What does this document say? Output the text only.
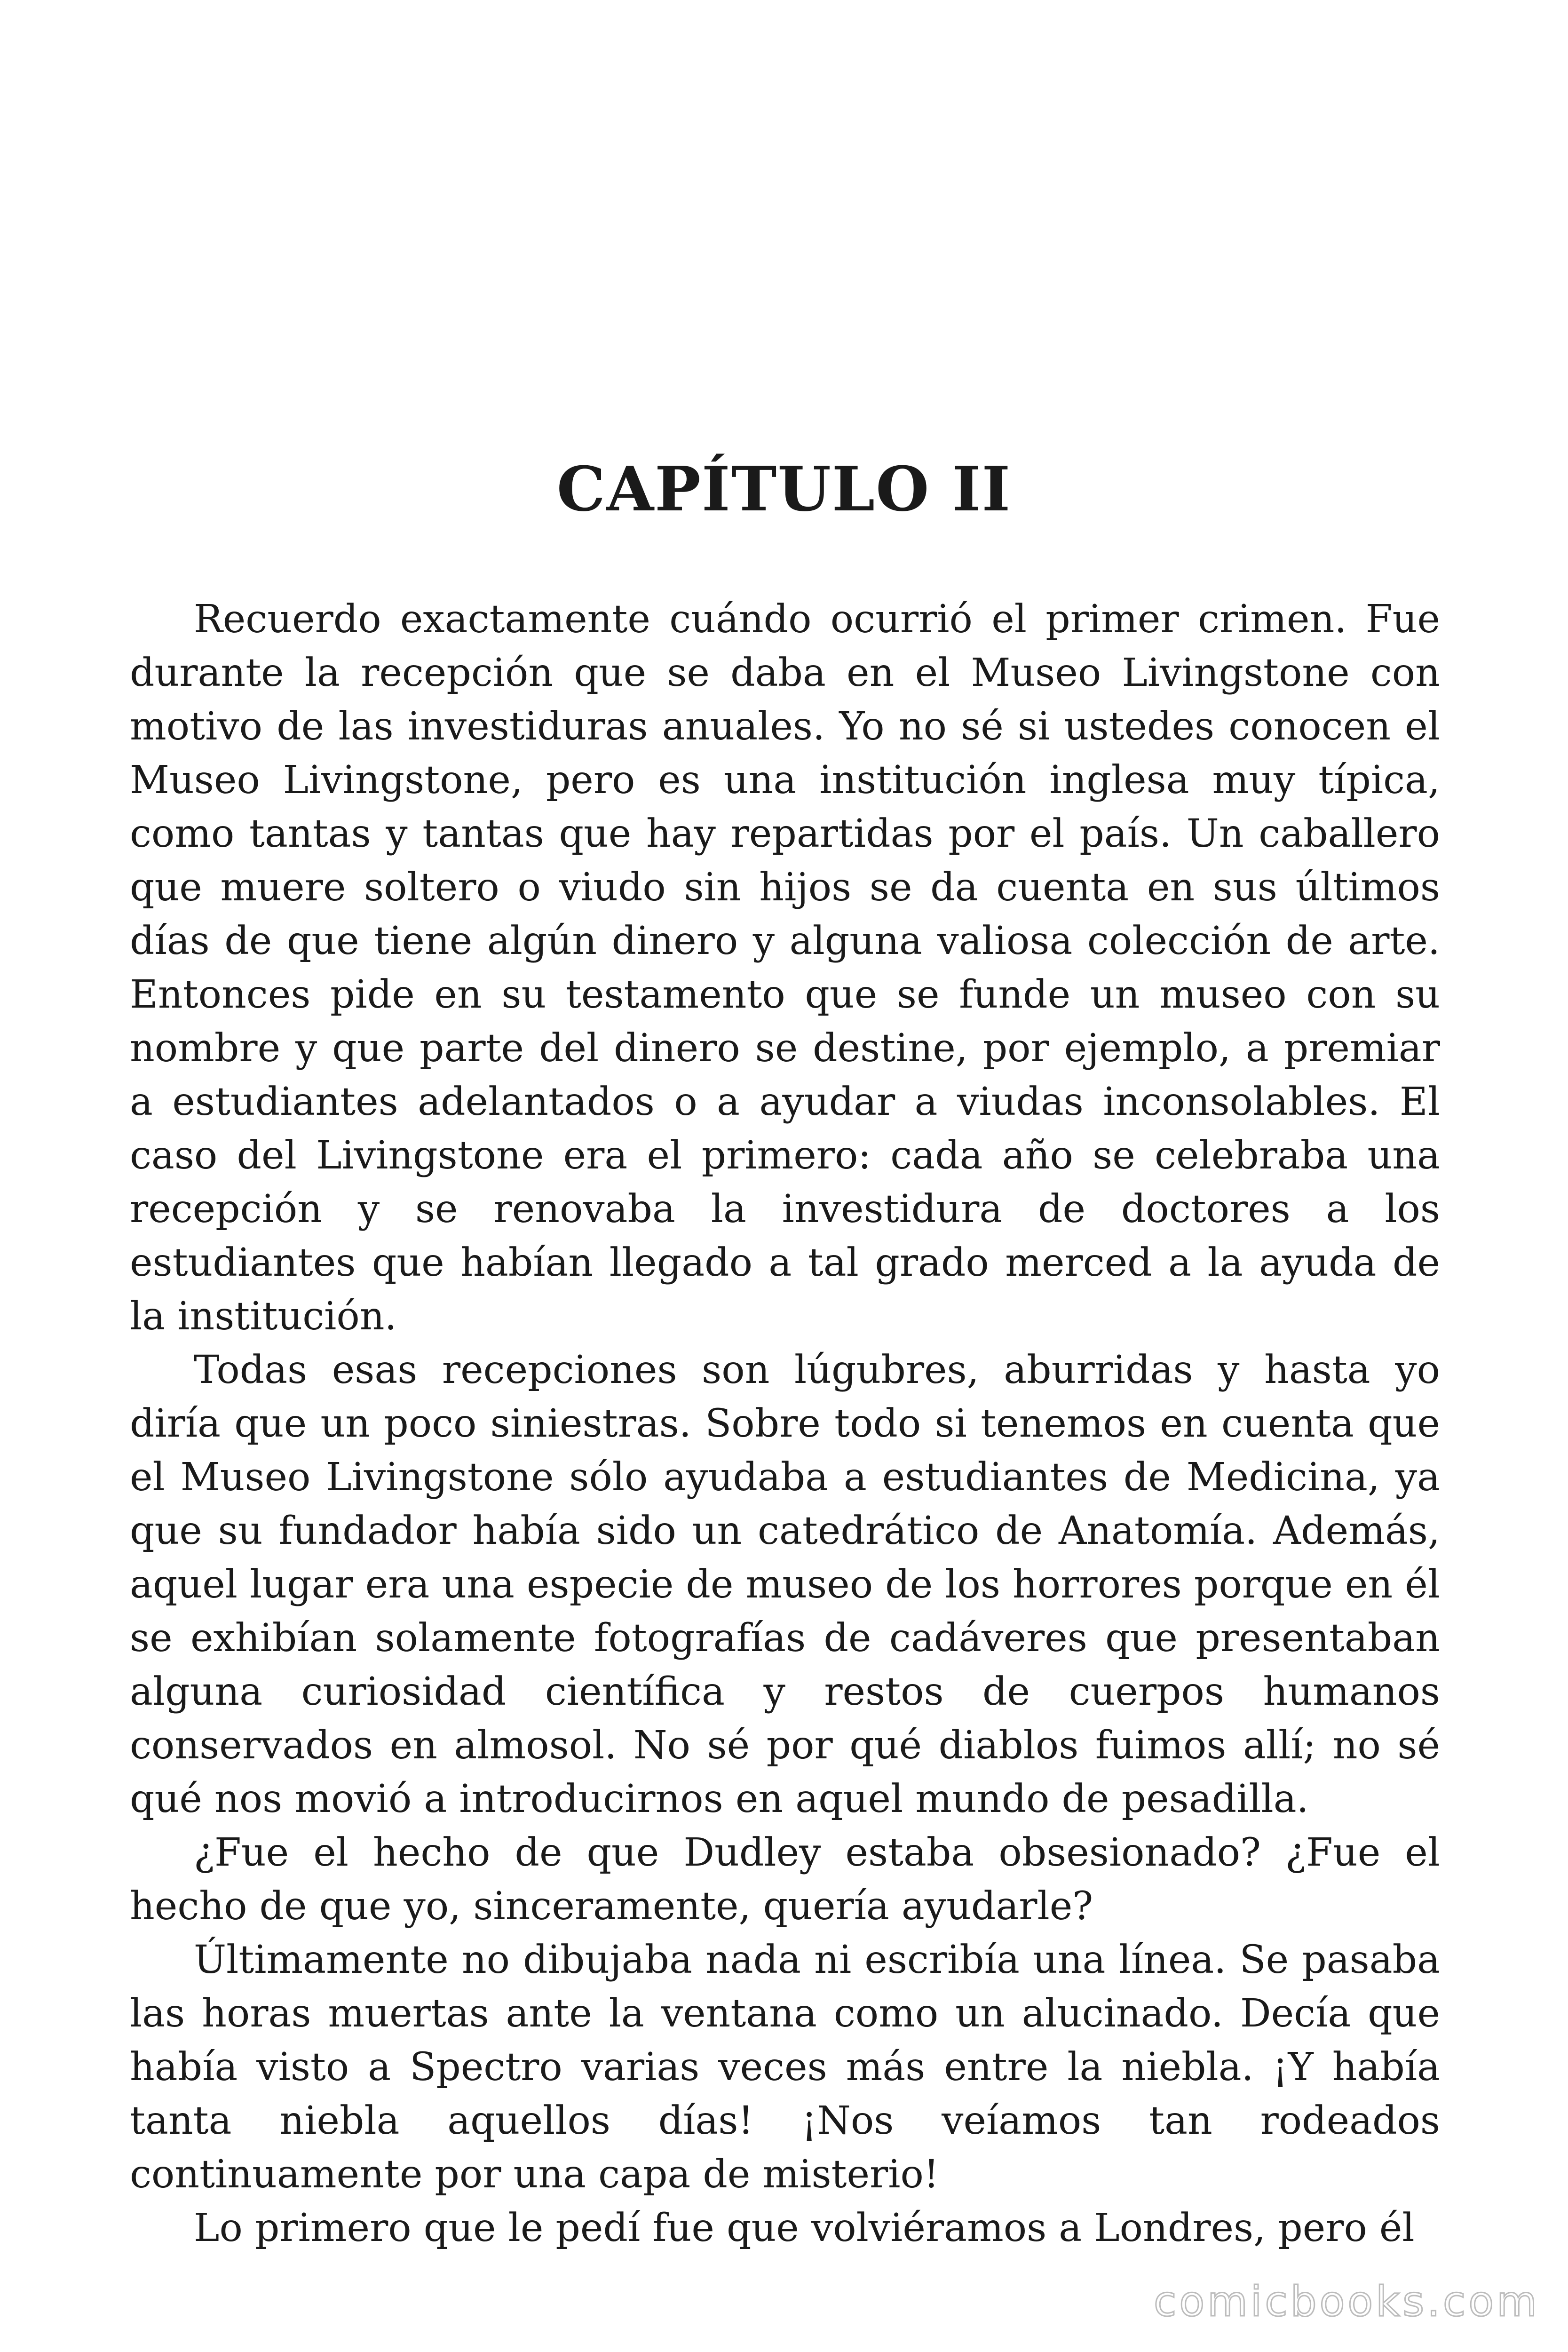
CAPÍTULO II

Recuerdo exactamente cuándo ocurrió el primer crimen. Fue durante la recepción que se daba en el Museo Livingstone con motivo de las investiduras anuales. Yo no sé si ustedes conocen el Museo Livingstone, pero es una institución inglesa muy típica, como tantas y tantas que hay repartidas por el país. Un caballero que muere soltero o viudo sin hijos se da cuenta en sus últimos días de que tiene algún dinero y alguna valiosa colección de arte. Entonces pide en su testamento que se funde un museo con su nombre y que parte del dinero se destine, por ejemplo, a premiar a estudiantes adelantados o a ayudar a viudas inconsolables. El caso del Livingstone era el primero: cada año se celebraba una recepción y se renovaba la investidura de doctores a los estudiantes que habían llegado a tal grado merced a la ayuda de la institución.

Todas esas recepciones son lúgubres, aburridas y hasta yo diría que un poco siniestras. Sobre todo si tenemos en cuenta que el Museo Livingstone sólo ayudaba a estudiantes de Medicina, ya que su fundador había sido un catedrático de Anatomía. Además, aquel lugar era una especie de museo de los horrores porque en él se exhibían solamente fotografías de cadáveres que presentaban alguna curiosidad científica y restos de cuerpos humanos conservados en almosol. No sé por qué diablos fuimos allí; no sé qué nos movió a introducirnos en aquel mundo de pesadilla.

¿Fue el hecho de que Dudley estaba obsesionado? ¿Fue el hecho de que yo, sinceramente, quería ayudarle?

Últimamente no dibujaba nada ni escribía una línea. Se pasaba las horas muertas ante la ventana como un alucinado. Decía que había visto a Spectro varias veces más entre la niebla. ¡Y había tanta niebla aquellos días! ¡Nos veíamos tan rodeados continuamente por una capa de misterio!

Lo primero que le pedí fue que volviéramos a Londres, pero él

comicbooks.com
